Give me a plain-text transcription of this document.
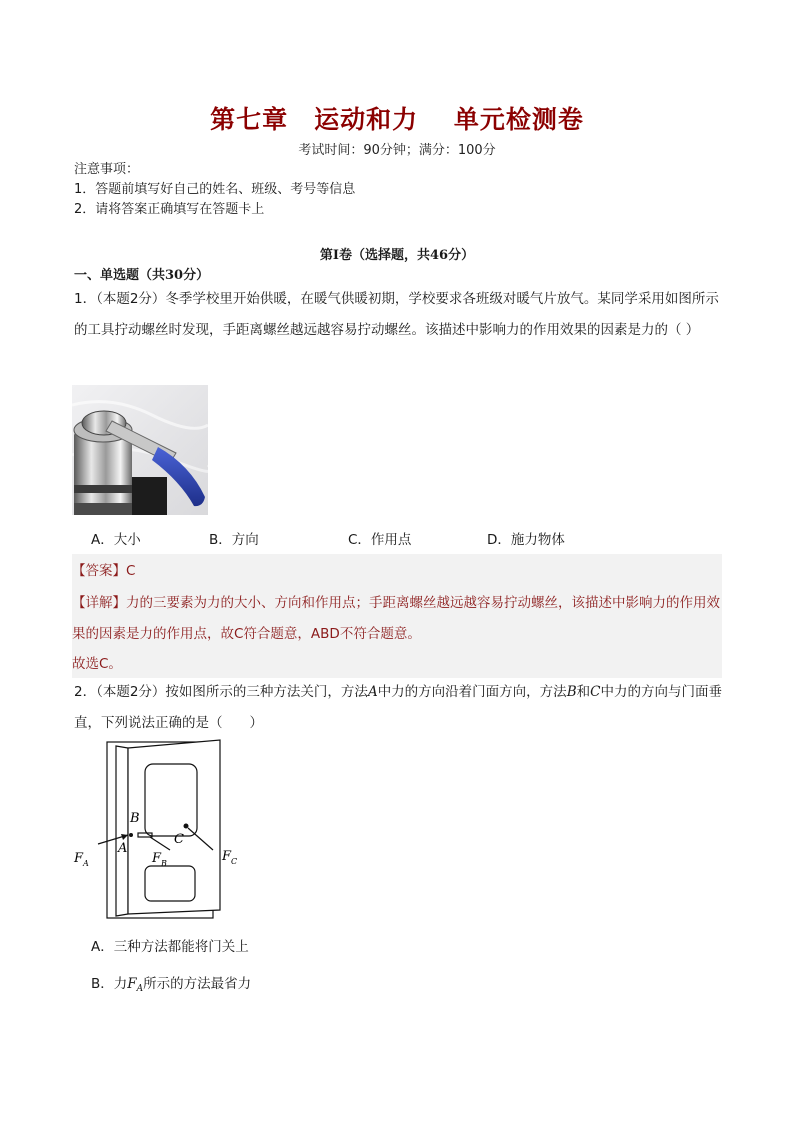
第七章　运动和力　 单元检测卷
考试时间：90分钟；满分：100分
注意事项：
1．答题前填写好自己的姓名、班级、考号等信息
2．请将答案正确填写在答题卡上
第I卷（选择题，共46分）
一、单选题（共30分）
1．（本题2分）冬季学校里开始供暖，在暖气供暖初期，学校要求各班级对暖气片放气。某同学采用如图所示的工具拧动螺丝时发现，手距离螺丝越远越容易拧动螺丝。该描述中影响力的作用效果的因素是力的（ ）
A．大小	B．方向	C．作用点	D．施力物体
【答案】C
【详解】力的三要素为力的大小、方向和作用点；手距离螺丝越远越容易拧动螺丝，该描述中影响力的作用效果的因素是力的作用点，故C符合题意，ABD不符合题意。
故选C。
2．（本题2分）按如图所示的三种方法关门，方法A中力的方向沿着门面方向，方法B和C中力的方向与门面垂直，下列说法正确的是（　　）
B
A
C
F A	F B	F C
A．三种方法都能将门关上
B．力$F_A$所示的方法最省力
